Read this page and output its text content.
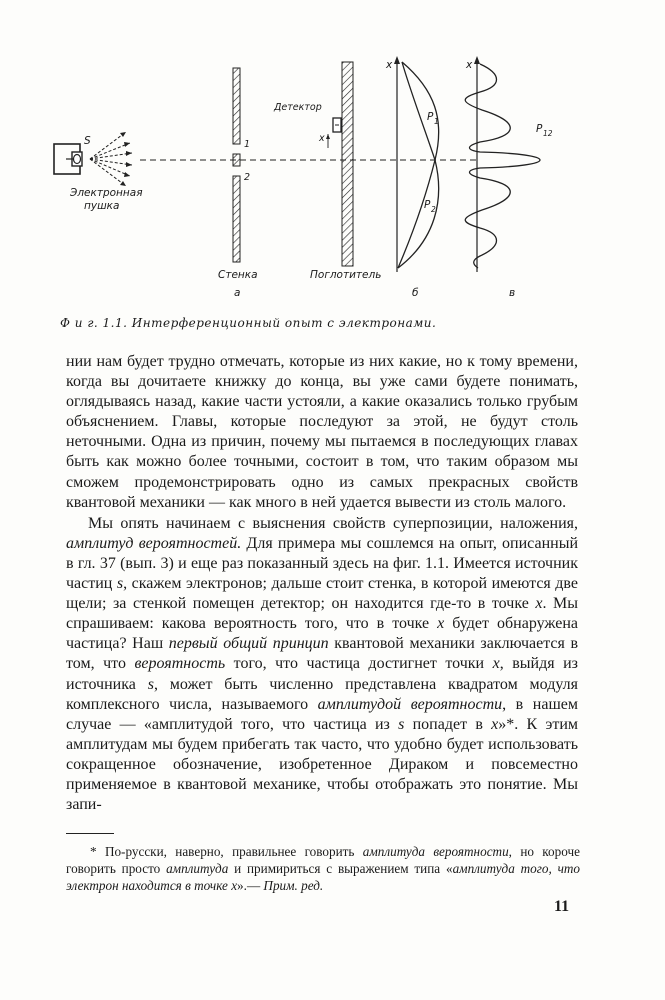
S
Электронная
пушка
1
2
Стенка	Поглотитель
Детектор
x
x
P 1
P 2
x
P 12
а	б	в
Ф и г. 1.1. Интерференционный опыт с электронами.

нии нам будет трудно отмечать, которые из них какие, но к тому времени, когда вы дочитаете книжку до конца, вы уже сами будете понимать, оглядываясь назад, какие части устояли, а какие оказались только грубым объяснением. Главы, которые последуют за этой, не будут столь неточными. Одна из причин, почему мы пытаемся в последующих главах быть как можно более точными, состоит в том, что таким образом мы сможем продемонстрировать одно из самых прекрасных свойств квантовой механики — как много в ней удается вывести из столь малого.

Мы опять начинаем с выяснения свойств суперпозиции, наложения, амплитуд вероятностей. Для примера мы сошлемся на опыт, описанный в гл. 37 (вып. 3) и еще раз показанный здесь на фиг. 1.1. Имеется источник частиц s, скажем электронов; дальше стоит стенка, в которой имеются две щели; за стенкой помещен детектор; он находится где-то в точке x. Мы спрашиваем: какова вероятность того, что в точке x будет обнаружена частица? Наш первый общий принцип квантовой механики заключается в том, что вероятность того, что частица достигнет точки x, выйдя из источника s, может быть численно представлена квадратом модуля комплексного числа, называемого амплитудой вероятности, в нашем случае — «амплитудой того, что частица из s попадет в x»*. К этим амплитудам мы будем прибегать так часто, что удобно будет использовать сокращенное обозначение, изобретенное Дираком и повсеместно применяемое в квантовой механике, чтобы отображать это понятие. Мы запи-

* По-русски, наверно, правильнее говорить амплитуда вероятности, но короче говорить просто амплитуда и примириться с выражением типа «амплитуда того, что электрон находится в точке x».— Прим. ред.
11
